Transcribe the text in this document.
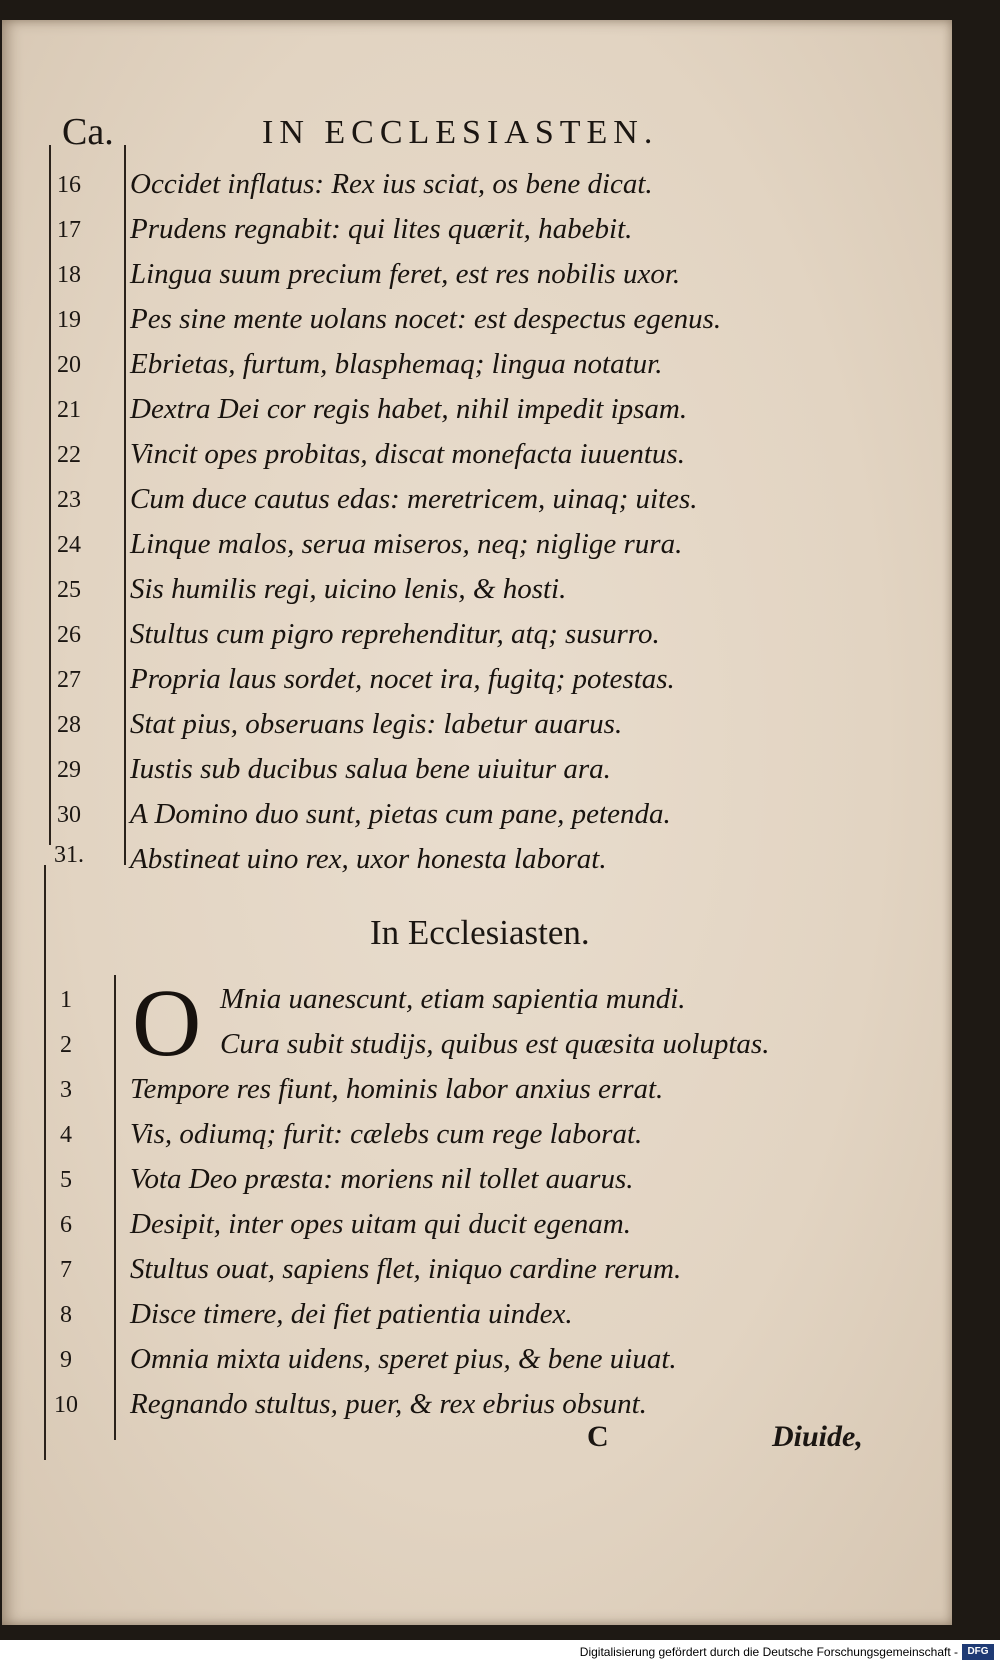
Ca.	IN ECCLESIASTEN.
16 Occidet inflatus: Rex ius sciat, os bene dicat.
17 Prudens regnabit: qui lites quærit, habebit.
18 Lingua suum precium feret, est res nobilis uxor.
19 Pes sine mente uolans nocet: est despectus egenus.
20 Ebrietas, furtum, blasphemaq; lingua notatur.
21 Dextra Dei cor regis habet, nihil impedit ipsam.
22 Vincit opes probitas, discat monefacta iuuentus.
23 Cum duce cautus edas: meretricem, uinaq; uites.
24 Linque malos, serua miseros, neq; niglige rura.
25 Sis humilis regi, uicino lenis, & hosti.
26 Stultus cum pigro reprehenditur, atq; susurro.
27 Propria laus sordet, nocet ira, fugitq; potestas.
28 Stat pius, obseruans legis: labetur auarus.
29 Iustis sub ducibus salua bene uiuitur ara.
30 A Domino duo sunt, pietas cum pane, petenda.
31. Abstineat uino rex, uxor honesta laborat.
In Ecclesiasten.
O
1	Mnia uanescunt, etiam sapientia mundi.
2	Cura subit studijs, quibus est quæsita uoluptas.
3 Tempore res fiunt, hominis labor anxius errat.
4 Vis, odiumq; furit: cælebs cum rege laborat.
5 Vota Deo præsta: moriens nil tollet auarus.
6 Desipit, inter opes uitam qui ducit egenam.
7 Stultus ouat, sapiens flet, iniquo cardine rerum.
8 Disce timere, dei fiet patientia uindex.
9 Omnia mixta uidens, speret pius, & bene uiuat.
10 Regnando stultus, puer, & rex ebrius obsunt.
C	Diuide,
Digitalisierung gefördert durch die Deutsche Forschungsgemeinschaft - DFG
